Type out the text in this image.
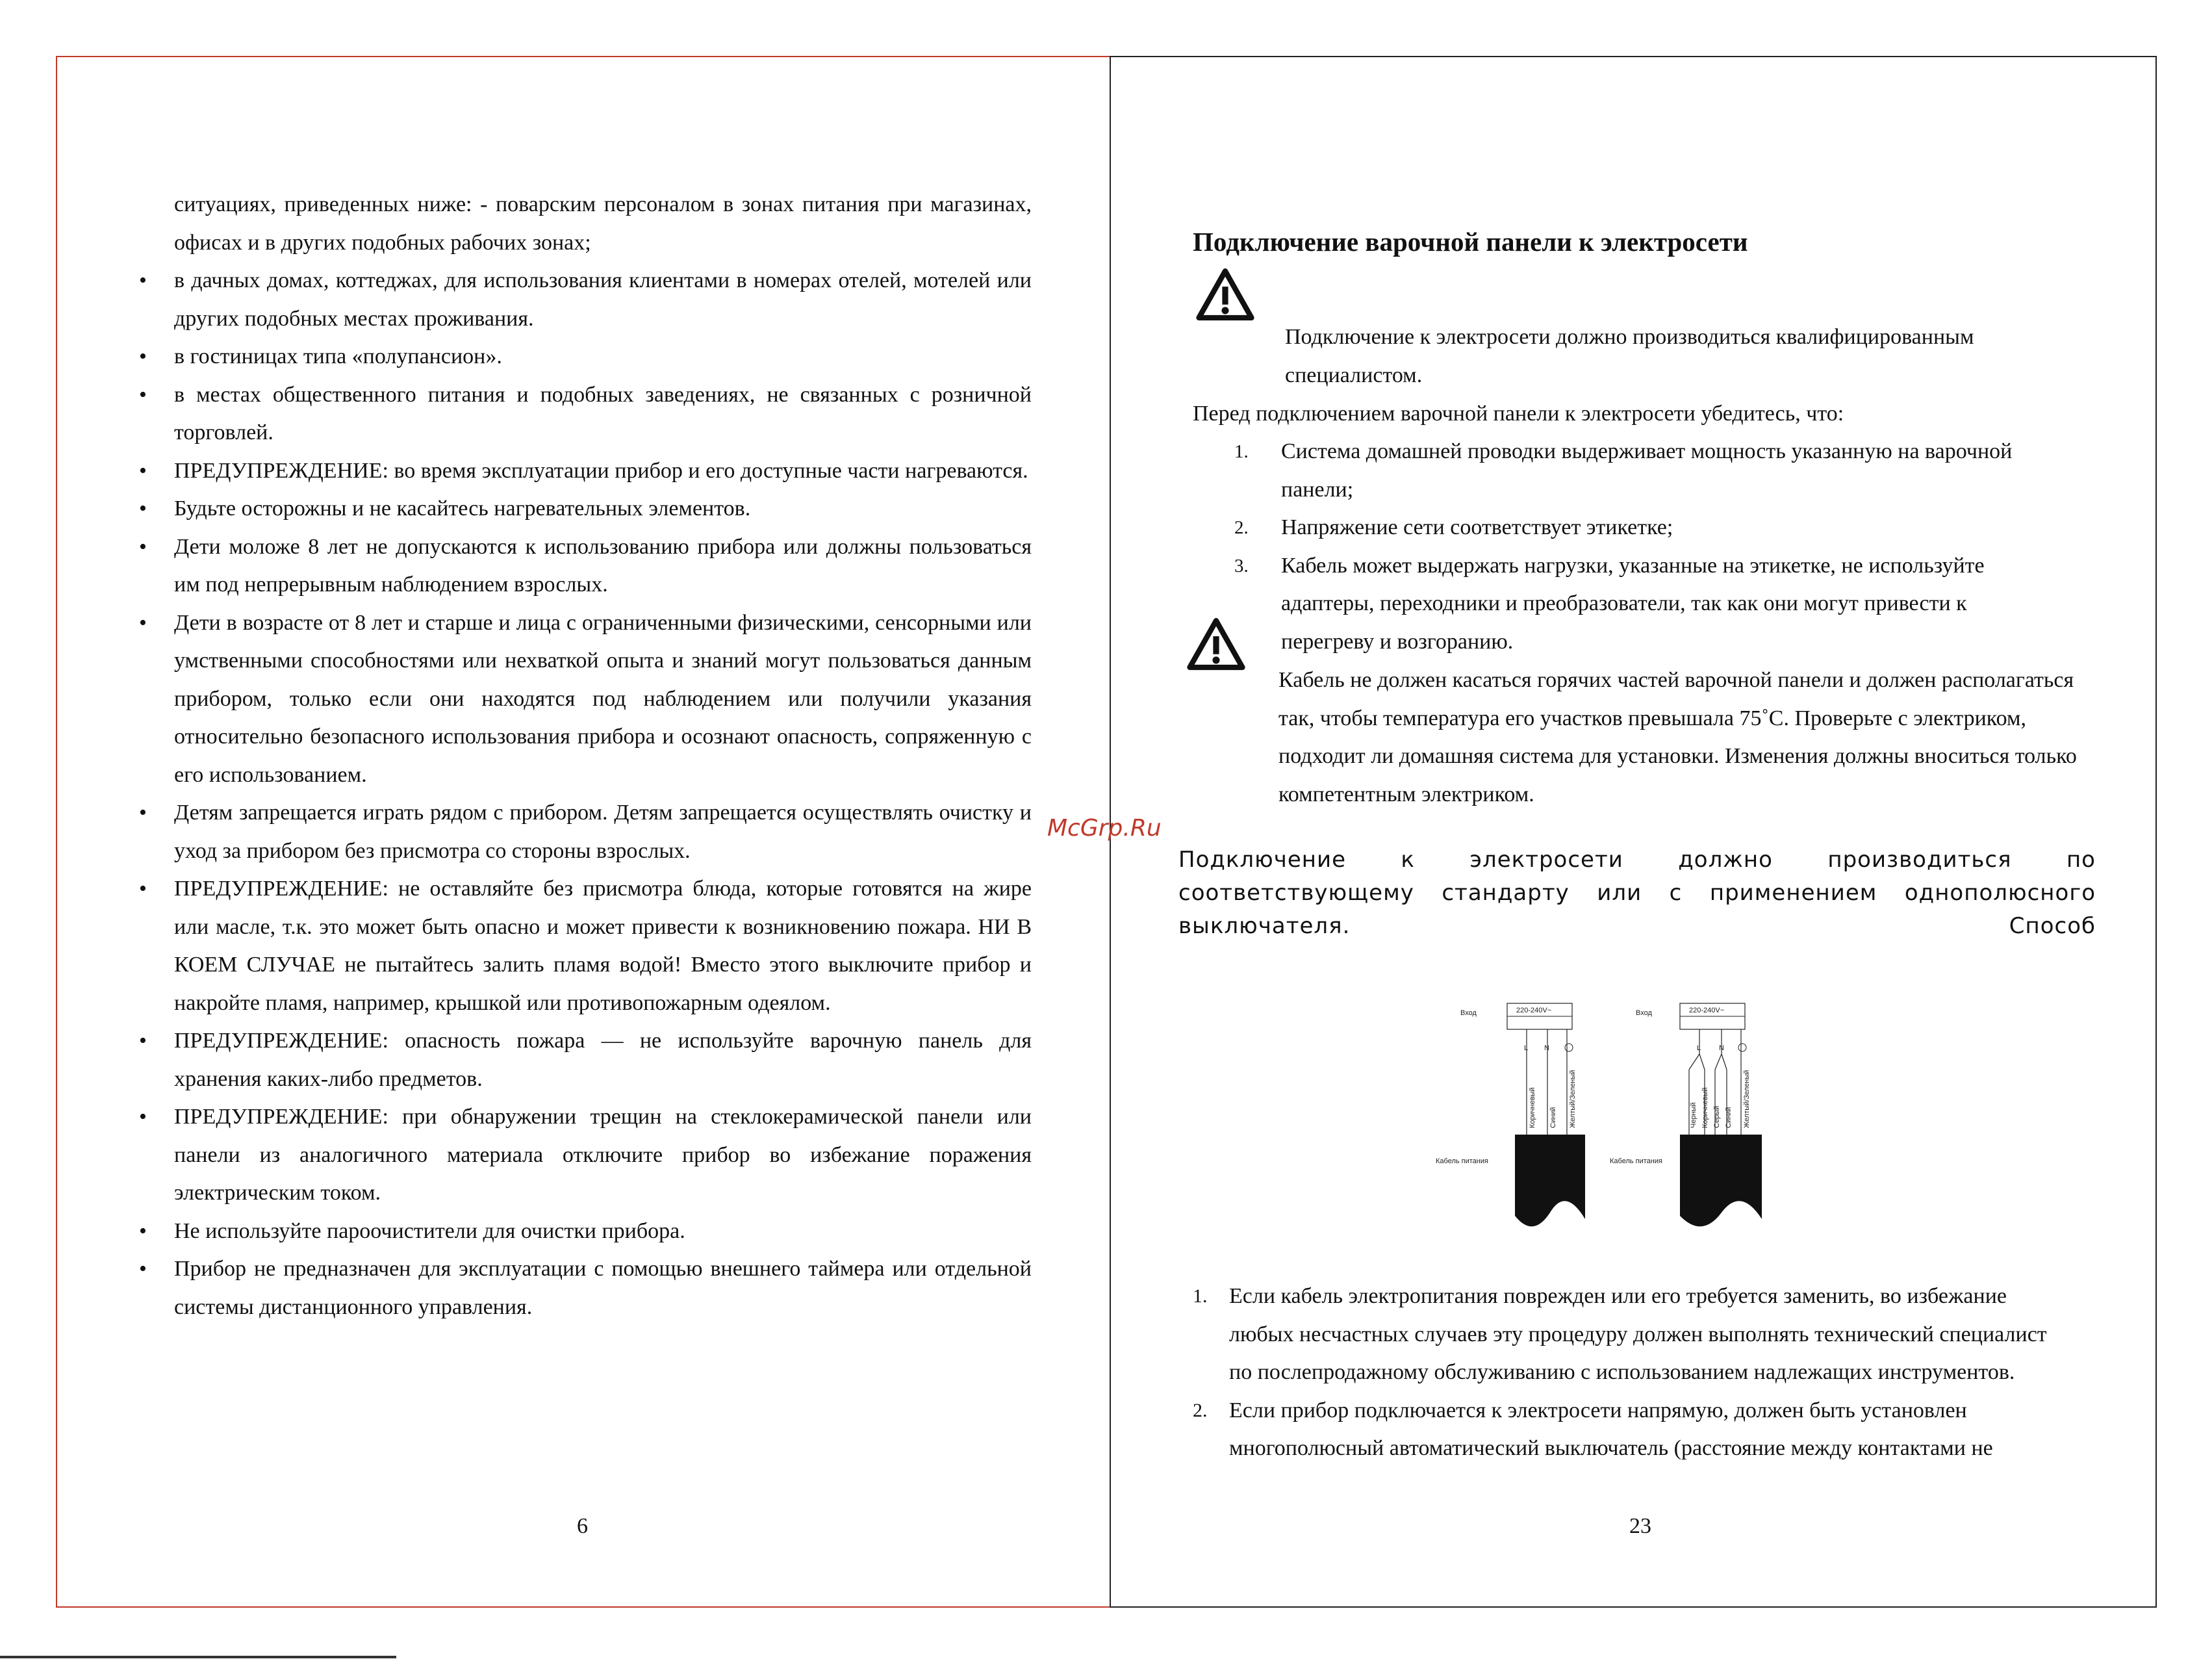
ситуациях, приведенных ниже: - поварским персоналом в зонах питания при магазинах, офисах и в других подобных рабочих зонах;

• в дачных домах, коттеджах, для использования клиентами в номерах отелей, мотелей или других подобных местах проживания.
• в гостиницах типа «полупансион».
• в местах общественного питания и подобных заведениях, не связанных с розничной торговлей.
• ПРЕДУПРЕЖДЕНИЕ: во время эксплуатации прибор и его доступные части нагреваются.
• Будьте осторожны и не касайтесь нагревательных элементов.
• Дети моложе 8 лет не допускаются к использованию прибора или должны пользоваться им под непрерывным наблюдением взрослых.
• Дети в возрасте от 8 лет и старше и лица с ограниченными физическими, сенсорными или умственными способностями или нехваткой опыта и знаний могут пользоваться данным прибором, только если они находятся под наблюдением или получили указания относительно безопасного использования прибора и осознают опасность, сопряженную с его использованием.
• Детям запрещается играть рядом с прибором. Детям запрещается осуществлять очистку и уход за прибором без присмотра со стороны взрослых.
• ПРЕДУПРЕЖДЕНИЕ: не оставляйте без присмотра блюда, которые готовятся на жире или масле, т.к. это может быть опасно и может привести к возникновению пожара. НИ В КОЕМ СЛУЧАЕ не пытайтесь залить пламя водой! Вместо этого выключите прибор и накройте пламя, например, крышкой или противопожарным одеялом.
• ПРЕДУПРЕЖДЕНИЕ: опасность пожара — не используйте варочную панель для хранения каких-либо предметов.
• ПРЕДУПРЕЖДЕНИЕ: при обнаружении трещин на стеклокерамической панели или панели из аналогичного материала отключите прибор во избежание поражения электрическим током.
• Не используйте пароочистители для очистки прибора.
• Прибор не предназначен для эксплуатации с помощью внешнего таймера или отдельной системы дистанционного управления.
6
Подключение варочной панели к электросети
Подключение к электросети должно производиться квалифицированным специалистом.
Перед подключением варочной панели к электросети убедитесь, что:
1. Система домашней проводки выдерживает мощность указанную на варочной панели;
2. Напряжение сети соответствует этикетке;
3. Кабель может выдержать нагрузки, указанные на этикетке, не используйте адаптеры, переходники и преобразователи, так как они могут привести к перегреву и возгоранию.
Кабель не должен касаться горячих частей варочной панели и должен располагаться так, чтобы температура его участков превышала 75˚С. Проверьте с электриком, подходит ли домашняя система для установки. Изменения должны вноситься только компетентным электриком.
Подключение к электросети должно производиться по соответствующему стандарту или с применением однополюсного выключателя. Способ
Вход	220-240V~
L N
Коричневый Синий Желтый/Зеленый
Кабель питания
Вход	220-240V~
L	N
Черный Коричневый Серый Синий Желтый/Зеленый
Кабель питания
1. Если кабель электропитания поврежден или его требуется заменить, во избежание любых несчастных случаев эту процедуру должен выполнять технический специалист по послепродажному обслуживанию с использованием надлежащих инструментов.
2. Если прибор подключается к электросети напрямую, должен быть установлен многополюсный автоматический выключатель (расстояние между контактами не
23
McGrp.Ru
